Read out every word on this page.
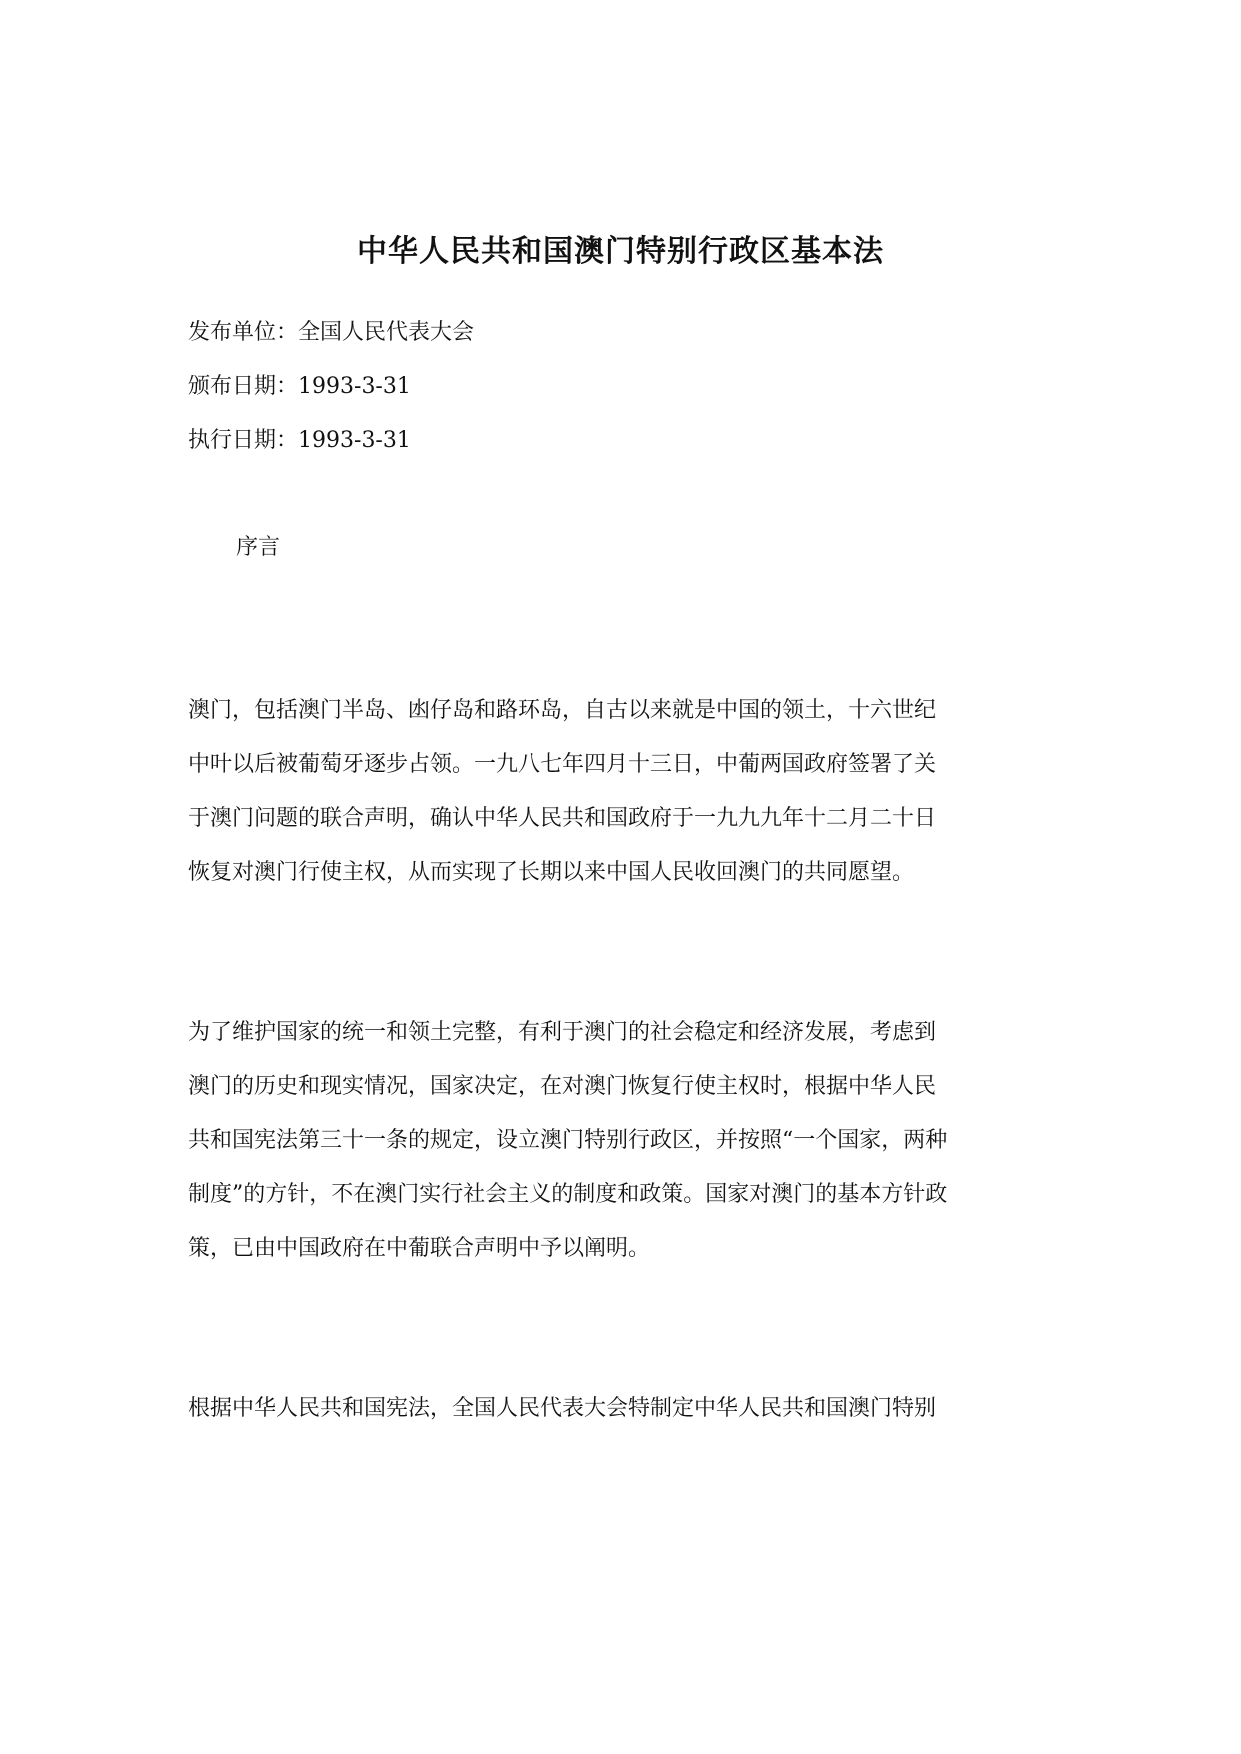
中华人民共和国澳门特别行政区基本法
发布单位：全国人民代表大会
颁布日期：1993-3-31
执行日期：1993-3-31
序言
澳门，包括澳门半岛、凼仔岛和路环岛，自古以来就是中国的领土，十六世纪
中叶以后被葡萄牙逐步占领。一九八七年四月十三日，中葡两国政府签署了关
于澳门问题的联合声明，确认中华人民共和国政府于一九九九年十二月二十日
恢复对澳门行使主权，从而实现了长期以来中国人民收回澳门的共同愿望。
为了维护国家的统一和领土完整，有利于澳门的社会稳定和经济发展，考虑到
澳门的历史和现实情况，国家决定，在对澳门恢复行使主权时，根据中华人民
共和国宪法第三十一条的规定，设立澳门特别行政区，并按照“一个国家，两种
制度”的方针，不在澳门实行社会主义的制度和政策。国家对澳门的基本方针政
策，已由中国政府在中葡联合声明中予以阐明。
根据中华人民共和国宪法，全国人民代表大会特制定中华人民共和国澳门特别
